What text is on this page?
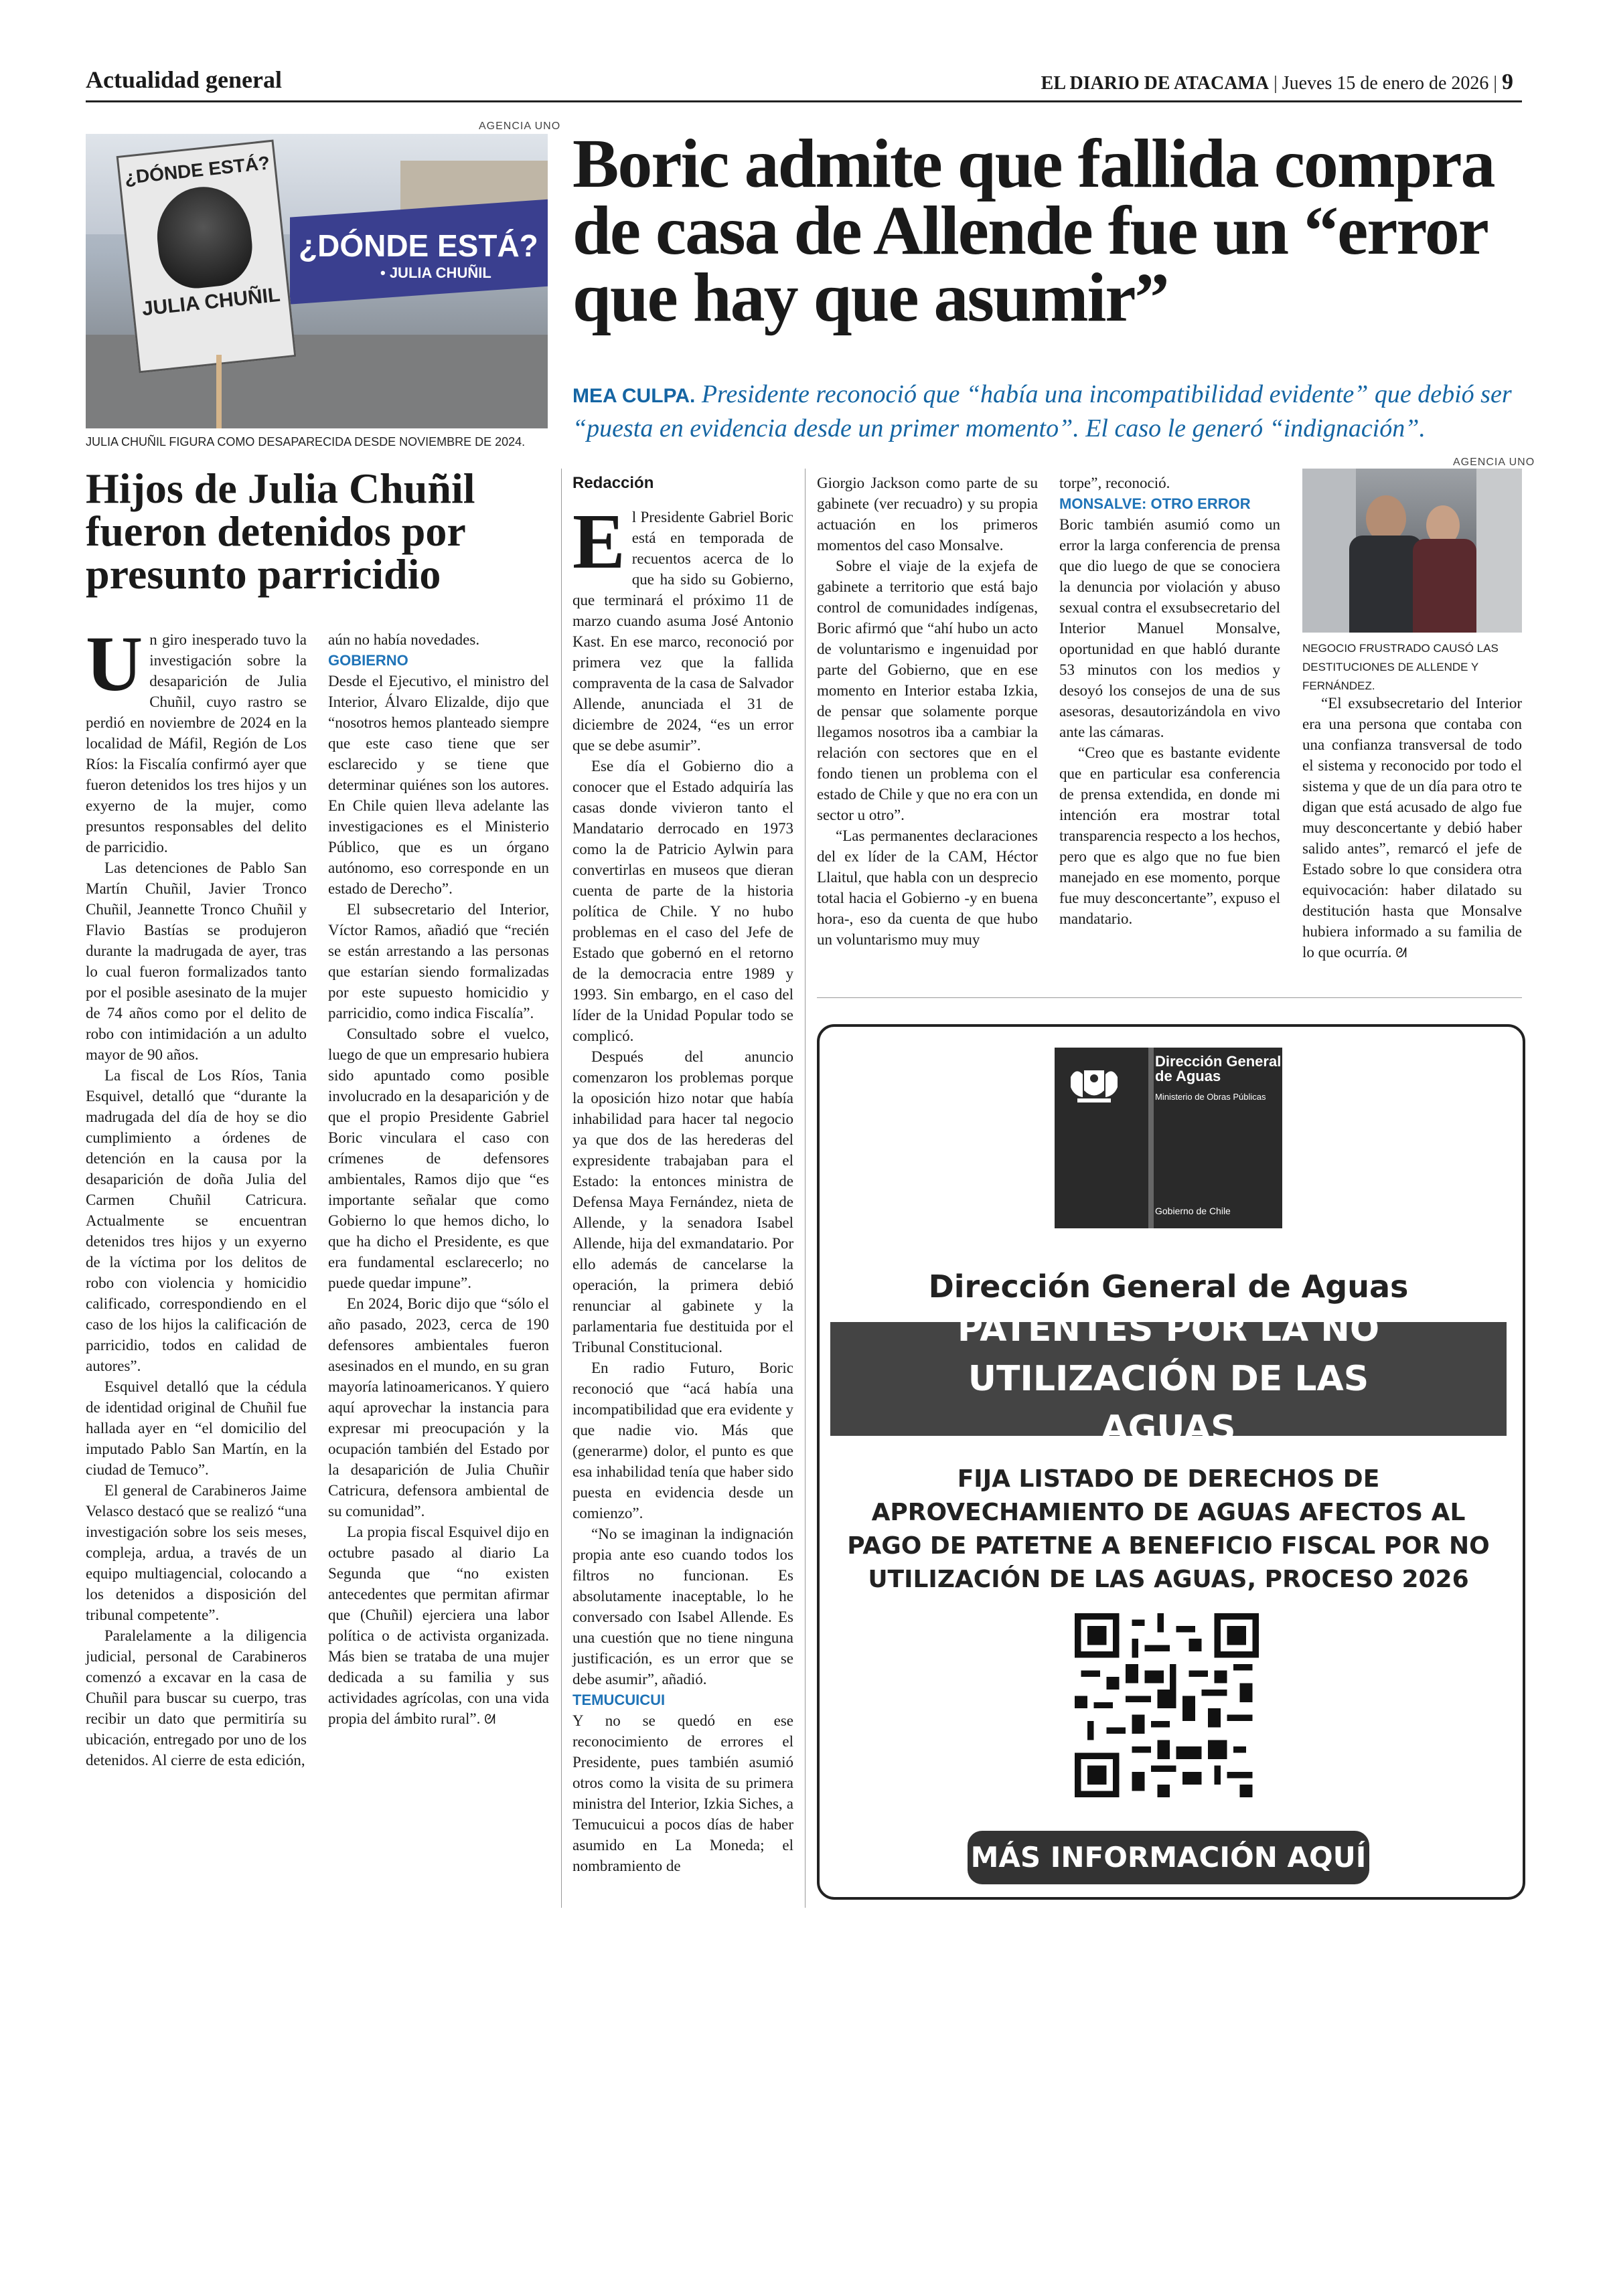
Actualidad general	EL DIARIO DE ATACAMA | Jueves 15 de enero de 2026 | 9
AGENCIA UNO
¿DÓNDE ESTÁ?
• JULIA CHUÑIL
¿DÓNDE ESTÁ?
JULIA CHUÑIL
JULIA CHUÑIL FIGURA COMO DESAPARECIDA DESDE NOVIEMBRE DE 2024.
Boric admite que fallida compra de casa de Allende fue un “error que hay que asumir”
MEA CULPA. Presidente reconoció que “había una incompatibilidad evidente” que debió ser “puesta en evidencia desde un primer momento”. El caso le generó “indignación”.
Hijos de Julia Chuñil fueron detenidos por presunto parricidio
U n giro inesperado tuvo la investigación sobre la desaparición de Julia Chuñil, cuyo rastro se perdió en noviembre de 2024 en la localidad de Máfil, Región de Los Ríos: la Fiscalía confirmó ayer que fueron detenidos los tres hijos y un exyerno de la mujer, como presuntos responsables del delito de parricidio.

Las detenciones de Pablo San Martín Chuñil, Javier Tronco Chuñil, Jeannette Tronco Chuñil y Flavio Bastías se produjeron durante la madrugada de ayer, tras lo cual fueron formalizados tanto por el posible asesinato de la mujer de 74 años como por el delito de robo con intimidación a un adulto mayor de 90 años.

La fiscal de Los Ríos, Tania Esquivel, detalló que “durante la madrugada del día de hoy se dio cumplimiento a órdenes de detención en la causa por la desaparición de doña Julia del Carmen Chuñil Catricura. Actualmente se encuentran detenidos tres hijos y un exyerno de la víctima por los delitos de robo con violencia y homicidio calificado, correspondiendo en el caso de los hijos la calificación de parricidio, todos en calidad de autores”.

Esquivel detalló que la cédula de identidad original de Chuñil fue hallada ayer en “el domicilio del imputado Pablo San Martín, en la ciudad de Temuco”.

El general de Carabineros Jaime Velasco destacó que se realizó “una investigación sobre los seis meses, compleja, ardua, a través de un equipo multiagencial, colocando a los detenidos a disposición del tribunal competente”.

Paralelamente a la diligencia judicial, personal de Carabineros comenzó a excavar en la casa de Chuñil para buscar su cuerpo, tras recibir un dato que permitiría su ubicación, entregado por uno de los detenidos. Al cierre de esta edición,

aún no había novedades.

GOBIERNO

Desde el Ejecutivo, el ministro del Interior, Álvaro Elizalde, dijo que “nosotros hemos planteado siempre que este caso tiene que ser esclarecido y se tiene que determinar quiénes son los autores. En Chile quien lleva adelante las investigaciones es el Ministerio Público, que es un órgano autónomo, eso corresponde en un estado de Derecho”.

El subsecretario del Interior, Víctor Ramos, añadió que “recién se están arrestando a las personas que estarían siendo formalizadas por este supuesto homicidio y parricidio, como indica Fiscalía”.

Consultado sobre el vuelco, luego de que un empresario hubiera sido apuntado como posible involucrado en la desaparición y de que el propio Presidente Gabriel Boric vinculara el caso con crímenes de defensores ambientales, Ramos dijo que “es importante señalar que como Gobierno lo que hemos dicho, lo que ha dicho el Presidente, es que era fundamental esclarecerlo; no puede quedar impune”.

En 2024, Boric dijo que “sólo el año pasado, 2023, cerca de 190 defensores ambientales fueron asesinados en el mundo, en su gran mayoría latinoamericanos. Y quiero aquí aprovechar la instancia para expresar mi preocupación y la ocupación también del Estado por la desaparición de Julia Chuñir Catricura, defensora ambiental de su comunidad”.

La propia fiscal Esquivel dijo en octubre pasado al diario La Segunda que “no existen antecedentes que permitan afirmar que (Chuñil) ejerciera una labor política o de activista organizada. Más bien se trataba de una mujer dedicada a su familia y sus actividades agrícolas, con una vida propia del ámbito rural”. ᘛ

Redacción
E l Presidente Gabriel Boric está en temporada de recuentos acerca de lo que ha sido su Gobierno, que terminará el próximo 11 de marzo cuando asuma José Antonio Kast. En ese marco, reconoció por primera vez que la fallida compraventa de la casa de Salvador Allende, anunciada el 31 de diciembre de 2024, “es un error que se debe asumir”.

Ese día el Gobierno dio a conocer que el Estado adquiría las casas donde vivieron tanto el Mandatario derrocado en 1973 como la de Patricio Aylwin para convertirlas en museos que dieran cuenta de parte de la historia política de Chile. Y no hubo problemas en el caso del Jefe de Estado que gobernó en el retorno de la democracia entre 1989 y 1993. Sin embargo, en el caso del líder de la Unidad Popular todo se complicó.

Después del anuncio comenzaron los problemas porque la oposición hizo notar que había inhabilidad para hacer tal negocio ya que dos de las herederas del expresidente trabajaban para el Estado: la entonces ministra de Defensa Maya Fernández, nieta de Allende, y la senadora Isabel Allende, hija del exmandatario. Por ello además de cancelarse la operación, la primera debió renunciar al gabinete y la parlamentaria fue destituida por el Tribunal Constitucional.

En radio Futuro, Boric reconoció que “acá había una incompatibilidad que era evidente y que nadie vio. Más que (generarme) dolor, el punto es que esa inhabilidad tenía que haber sido puesta en evidencia desde un comienzo”.

“No se imaginan la indignación propia ante eso cuando todos los filtros no funcionan. Es absolutamente inaceptable, lo he conversado con Isabel Allende. Es una cuestión que no tiene ninguna justificación, es un error que se debe asumir”, añadió.

TEMUCUICUI

Y no se quedó en ese reconocimiento de errores el Presidente, pues también asumió otros como la visita de su primera ministra del Interior, Izkia Siches, a Temucuicui a pocos días de haber asumido en La Moneda; el nombramiento de

Giorgio Jackson como parte de su gabinete (ver recuadro) y su propia actuación en los primeros momentos del caso Monsalve.

Sobre el viaje de la exjefa de gabinete a territorio que está bajo control de comunidades indígenas, Boric afirmó que “ahí hubo un acto de voluntarismo e ingenuidad por parte del Gobierno, que en ese momento en Interior estaba Izkia, de pensar que solamente porque llegamos nosotros iba a cambiar la relación con sectores que en el fondo tienen un problema con el estado de Chile y que no era con un sector u otro”.

“Las permanentes declaraciones del ex líder de la CAM, Héctor Llaitul, que habla con un desprecio total hacia el Gobierno -y en buena hora-, eso da cuenta de que hubo un voluntarismo muy muy

torpe”, reconoció.

MONSALVE: OTRO ERROR

Boric también asumió como un error la larga conferencia de prensa que dio luego de que se conociera la denuncia por violación y abuso sexual contra el exsubsecretario del Interior Manuel Monsalve, oportunidad en que habló durante 53 minutos con los medios y desoyó los consejos de una de sus asesoras, desautorizándola en vivo ante las cámaras.

“Creo que es bastante evidente que en particular esa conferencia de prensa extendida, en donde mi intención era mostrar total transparencia respecto a los hechos, pero que es algo que no fue bien manejado en ese momento, porque fue muy desconcertante”, expuso el mandatario.

AGENCIA UNO
NEGOCIO FRUSTRADO CAUSÓ LAS DESTITUCIONES DE ALLENDE Y FERNÁNDEZ.

“El exsubsecretario del Interior era una persona que contaba con una confianza transversal de todo el sistema y reconocido por todo el sistema y que de un día para otro te digan que está acusado de algo fue muy desconcertante y debió haber salido antes”, remarcó el jefe de Estado sobre lo que considera otra equivocación: haber dilatado su destitución hasta que Monsalve hubiera informado a su familia de lo que ocurría. ᘛ

Dirección General de Aguas
Ministerio de Obras Públicas
Gobierno de Chile
Dirección General de Aguas
PATENTES POR LA NO UTILIZACIÓN DE LAS AGUAS
FIJA LISTADO DE DERECHOS DE APROVECHAMIENTO DE AGUAS AFECTOS AL PAGO DE PATETNE A BENEFICIO FISCAL POR NO UTILIZACIÓN DE LAS AGUAS, PROCESO 2026
MÁS INFORMACIÓN AQUÍ
